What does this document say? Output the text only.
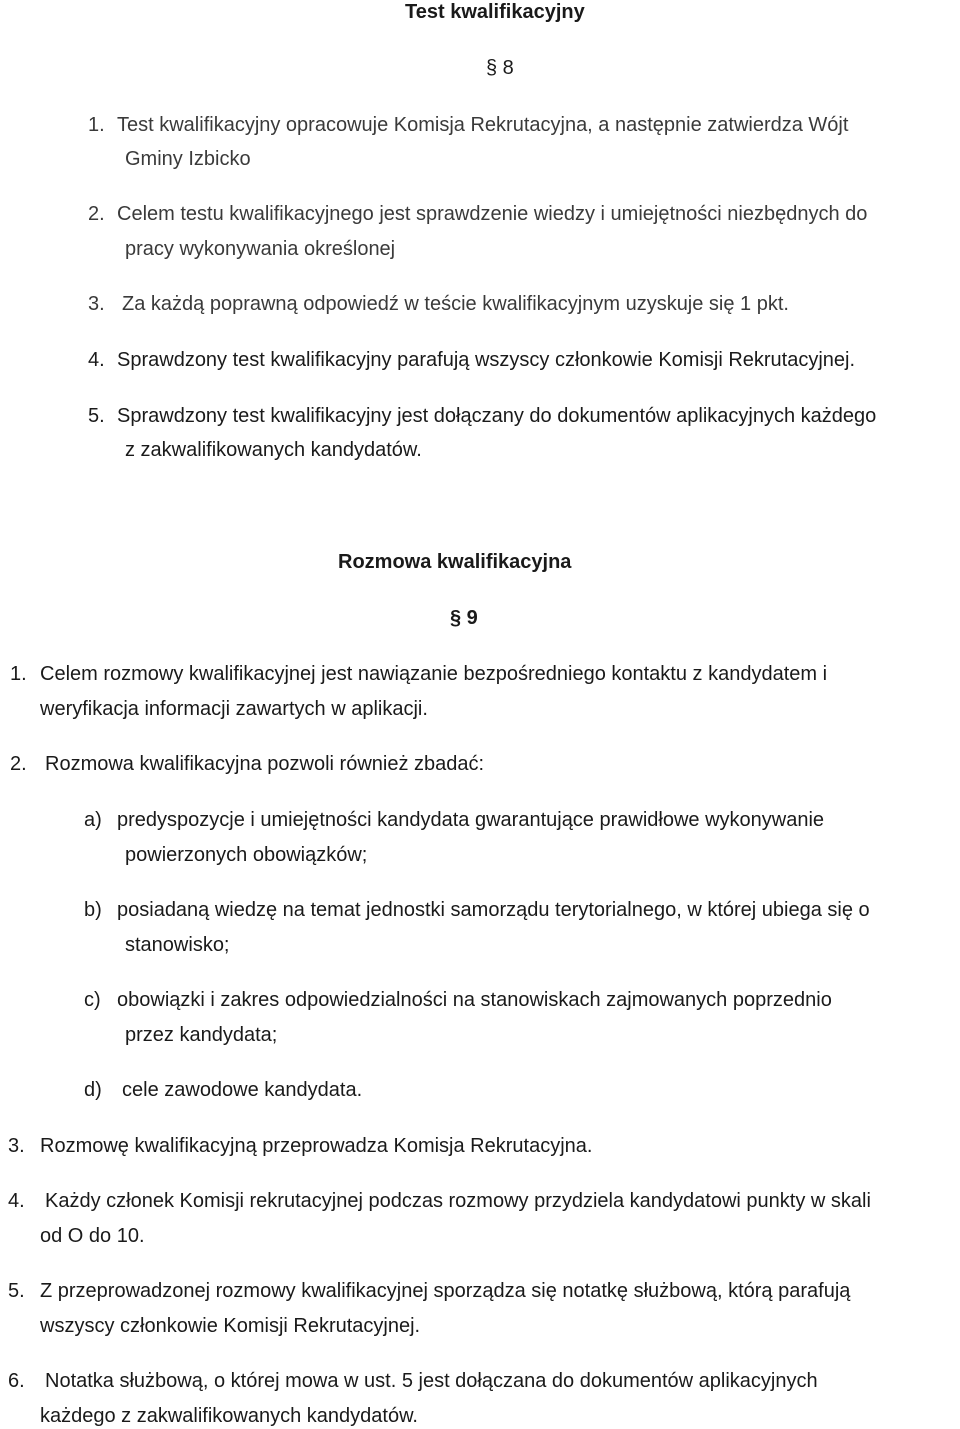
Test kwalifikacyjny
§ 8
1. Test kwalifikacyjny opracowuje Komisja Rekrutacyjna, a następnie zatwierdza Wójt
Gminy Izbicko
2. Celem testu kwalifikacyjnego jest sprawdzenie wiedzy i umiejętności niezbędnych do
pracy wykonywania określonej
3. Za każdą poprawną odpowiedź w teście kwalifikacyjnym uzyskuje się 1 pkt.
4. Sprawdzony test kwalifikacyjny parafują wszyscy członkowie Komisji Rekrutacyjnej.
5. Sprawdzony test kwalifikacyjny jest dołączany do dokumentów aplikacyjnych każdego
z zakwalifikowanych kandydatów.
Rozmowa kwalifikacyjna
§ 9
1. Celem rozmowy kwalifikacyjnej jest nawiązanie bezpośredniego kontaktu z kandydatem i
weryfikacja informacji zawartych w aplikacji.
2. Rozmowa kwalifikacyjna pozwoli również zbadać:
a) predyspozycje i umiejętności kandydata gwarantujące prawidłowe wykonywanie
powierzonych obowiązków;
b) posiadaną wiedzę na temat jednostki samorządu terytorialnego, w której ubiega się o
stanowisko;
c) obowiązki i zakres odpowiedzialności na stanowiskach zajmowanych poprzednio
przez kandydata;
d) cele zawodowe kandydata.
3. Rozmowę kwalifikacyjną przeprowadza Komisja Rekrutacyjna.
4. Każdy członek Komisji rekrutacyjnej podczas rozmowy przydziela kandydatowi punkty w skali
od O do 10.
5. Z przeprowadzonej rozmowy kwalifikacyjnej sporządza się notatkę służbową, którą parafują
wszyscy członkowie Komisji Rekrutacyjnej.
6. Notatka służbową, o której mowa w ust. 5 jest dołączana do dokumentów aplikacyjnych
każdego z zakwalifikowanych kandydatów.
